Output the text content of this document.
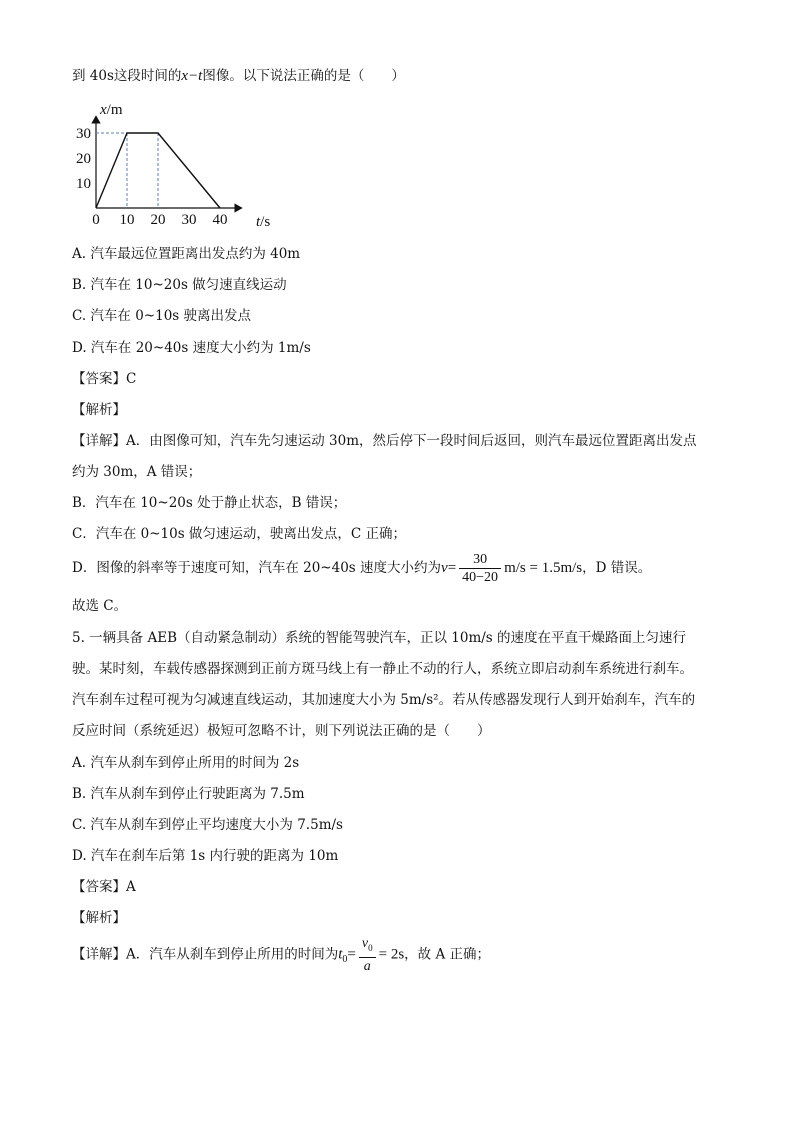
到 40s这段时间的x−t图像。以下说法正确的是（　　）
0 10 20 30 40
10
20
30
x/m
t/s
A. 汽车最远位置距离出发点约为 40m
B. 汽车在 10~20s 做匀速直线运动
C. 汽车在 0~10s 驶离出发点
D. 汽车在 20~40s 速度大小约为 1m/s
【答案】C
【解析】
【详解】A．由图像可知，汽车先匀速运动 30m，然后停下一段时间后返回，则汽车最远位置距离出发点
约为 30m，A 错误；
B．汽车在 10~20s 处于静止状态，B 错误；
C．汽车在 0~10s 做匀速运动，驶离出发点，C 正确；
D．图像的斜率等于速度可知，汽车在 20~40s 速度大小约为$v= \frac{30}{40-20} m/s = 1.5m/s$，D 错误。
故选 C。
5. 一辆具备 AEB（自动紧急制动）系统的智能驾驶汽车，正以 10m/s 的速度在平直干燥路面上匀速行
驶。某时刻，车载传感器探测到正前方斑马线上有一静止不动的行人，系统立即启动刹车系统进行刹车。
汽车刹车过程可视为匀减速直线运动，其加速度大小为 5m/s²。若从传感器发现行人到开始刹车，汽车的
反应时间（系统延迟）极短可忽略不计，则下列说法正确的是（　　）
A. 汽车从刹车到停止所用的时间为 2s
B. 汽车从刹车到停止行驶距离为 7.5m
C. 汽车从刹车到停止平均速度大小为 7.5m/s
D. 汽车在刹车后第 1s 内行驶的距离为 10m
【答案】A
【解析】
【详解】A．汽车从刹车到停止所用的时间为$t_0= \frac{v_0}{a} = 2s$，故 A 正确；
